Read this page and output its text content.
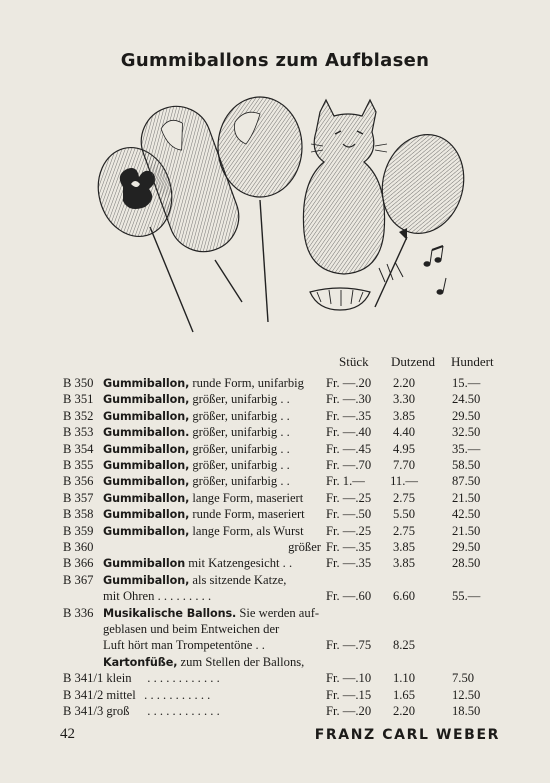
Gummiballons zum Aufblasen
Stück Dutzend Hundert
B 350 Gummiballon, runde Form, unifarbig	Fr. —.20	2.20	15.—
B 351 Gummiballon, größer, unifarbig . .	Fr. —.30	3.30	24.50
B 352 Gummiballon, größer, unifarbig . .	Fr. —.35	3.85	29.50
B 353 Gummiballon. größer, unifarbig . .	Fr. —.40	4.40	32.50
B 354 Gummiballon, größer, unifarbig . .	Fr. —.45	4.95	35.—
B 355 Gummiballon, größer, unifarbig . .	Fr. —.70	7.70	58.50
B 356 Gummiballon, größer, unifarbig . .	Fr. 1.—	11.—	87.50
B 357 Gummiballon, lange Form, maseriert	Fr. —.25	2.75	21.50
B 358 Gummiballon, runde Form, maseriert	Fr. —.50	5.50	42.50
B 359 Gummiballon, lange Form, als Wurst	Fr. —.25	2.75	21.50
B 360	größer Fr. —.35	3.85	29.50
B 366 Gummiballon mit Katzengesicht . .	Fr. —.35	3.85	28.50
B 367 Gummiballon, als sitzende Katze,
mit Ohren . . . . . . . . .	Fr. —.60	6.60	55.—
B 336 Musikalische Ballons. Sie werden auf-
geblasen und beim Entweichen der
Luft hört man Trompetentöne . .	Fr. —.75	8.25
Kartonfüße, zum Stellen der Ballons,
B 341/1 klein . . . . . . . . . . . .	Fr. —.10	1.10	7.50
B 341/2 mittel . . . . . . . . . . .	Fr. —.15	1.65	12.50
B 341/3 groß . . . . . . . . . . . .	Fr. —.20	2.20	18.50
42	FRANZ CARL WEBER
